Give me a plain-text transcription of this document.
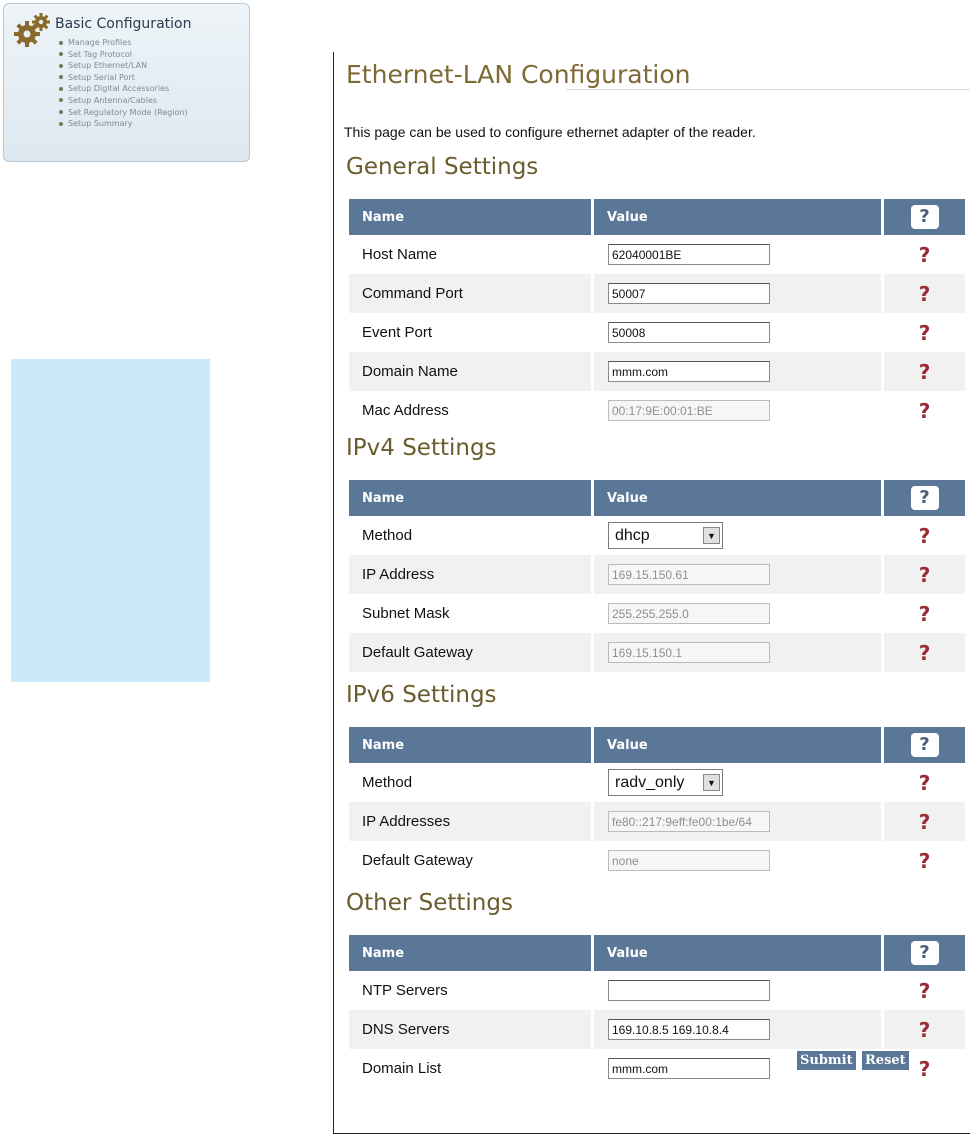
Basic Configuration
Manage Profiles
Set Tag Protocol
Setup Ethernet/LAN
Setup Serial Port
Setup Digital Accessories
Setup Antenna/Cables
Set Regulatory Mode (Region)
Setup Summary
Ethernet-LAN Configuration
This page can be used to configure ethernet adapter of the reader.
General Settings
Name	Value	?
Host Name	62040001BE	?
Command Port	50007	?
Event Port	50008	?
Domain Name	mmm.com	?
Mac Address	00:17:9E:00:01:BE	?
IPv4 Settings
Name	Value	?
Method	dhcp ▼	?
IP Address	169.15.150.61	?
Subnet Mask	255.255.255.0	?
Default Gateway	169.15.150.1	?
IPv6 Settings
Name	Value	?
Method	radv_only ▼	?
IP Addresses	fe80::217:9eff:fe00:1be/64	?
Default Gateway	none	?
Other Settings
Name	Value	?
NTP Servers		?
DNS Servers	169.10.8.5 169.10.8.4	?
Domain List	mmm.com	?
Submit Reset
